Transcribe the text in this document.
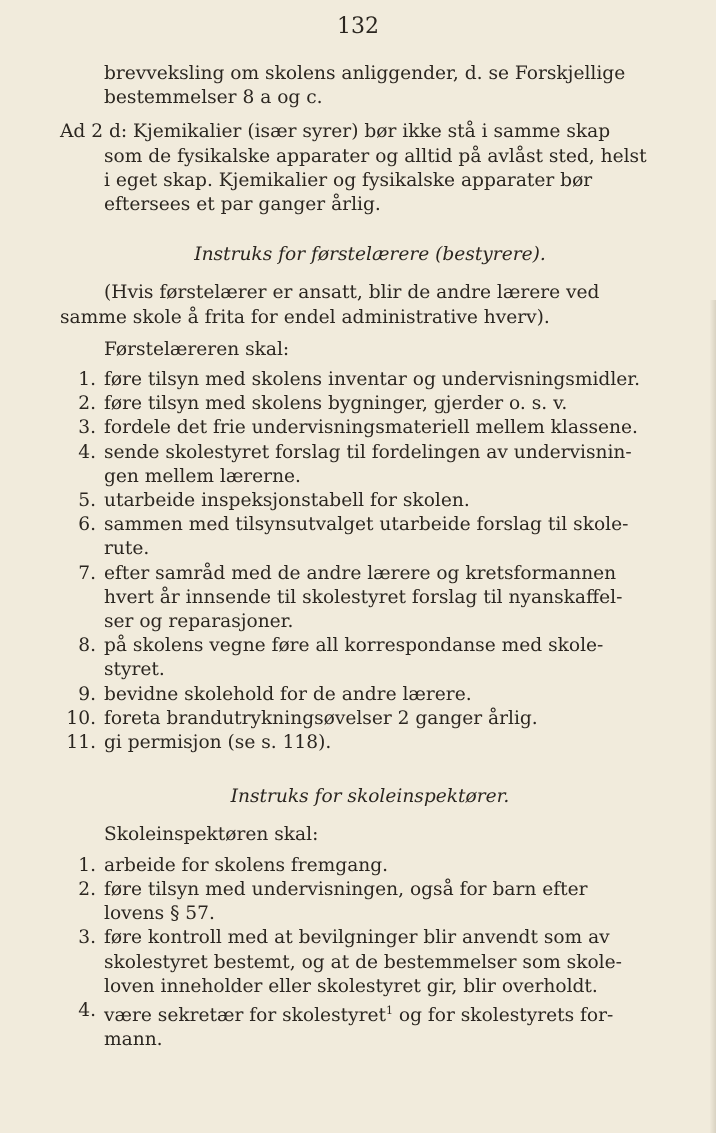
132
brevveksling om skolens anliggender, d. se Forskjellige
bestemmelser 8 a og c.
Ad 2 d: Kjemikalier (især syrer) bør ikke stå i samme skap
som de fysikalske apparater og alltid på avlåst sted, helst
i eget skap. Kjemikalier og fysikalske apparater bør
eftersees et par ganger årlig.
Instruks for førstelærere (bestyrere).
(Hvis førstelærer er ansatt, blir de andre lærere ved
samme skole å frita for endel administrative hverv).
Førstelæreren skal:
1. føre tilsyn med skolens inventar og undervisningsmidler.
2. føre tilsyn med skolens bygninger, gjerder o. s. v.
3. fordele det frie undervisningsmateriell mellem klassene.
4. sende skolestyret forslag til fordelingen av undervisnin-
gen mellem lærerne.
5. utarbeide inspeksjonstabell for skolen.
6. sammen med tilsynsutvalget utarbeide forslag til skole-
rute.
7. efter samråd med de andre lærere og kretsformannen
hvert år innsende til skolestyret forslag til nyanskaffel-
ser og reparasjoner.
8. på skolens vegne føre all korrespondanse med skole-
styret.
9. bevidne skolehold for de andre lærere.
10. foreta brandutrykningsøvelser 2 ganger årlig.
11. gi permisjon (se s. 118).
Instruks for skoleinspektører.
Skoleinspektøren skal:
1. arbeide for skolens fremgang.
2. føre tilsyn med undervisningen, også for barn efter
lovens § 57.
3. føre kontroll med at bevilgninger blir anvendt som av
skolestyret bestemt, og at de bestemmelser som skole-
loven inneholder eller skolestyret gir, blir overholdt.
4. være sekretær for skolestyret$^1$ og for skolestyrets for-
mann.
